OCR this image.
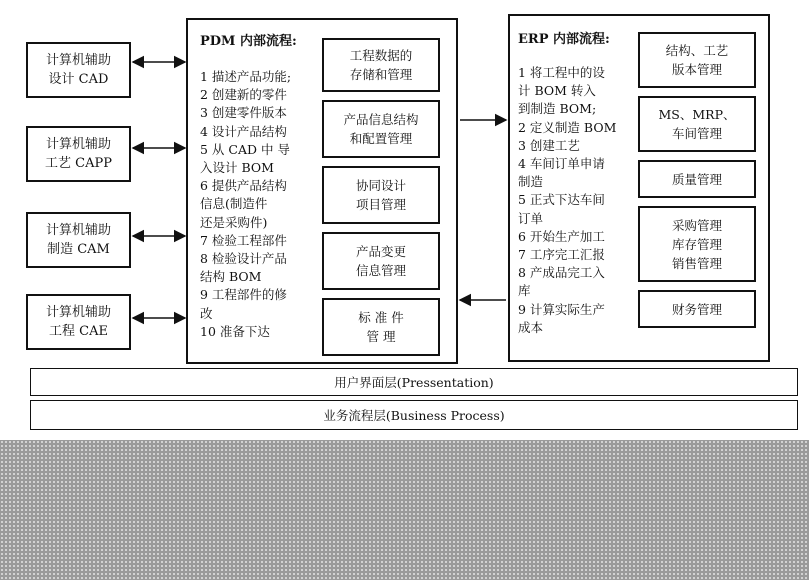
计算机辅助
设计 CAD
计算机辅助
工艺 CAPP
计算机辅助
制造 CAM
计算机辅助
工程 CAE
PDM 内部流程:
1 描述产品功能;
2 创建新的零件
3 创建零件版本
4 设计产品结构
5 从 CAD 中 导
入设计 BOM
6 提供产品结构
信息(制造件
还是采购件)
7 检验工程部件
8 检验设计产品
结构 BOM
9 工程部件的修
改
10 准备下达
工程数据的
存储和管理
产品信息结构
和配置管理
协同设计
项目管理
产品变更
信息管理
标 准 件
管 理
ERP 内部流程:
1 将工程中的设
计 BOM 转入
到制造 BOM;
2 定义制造 BOM
3 创建工艺
4 车间订单申请
制造
5 正式下达车间
订单
6 开始生产加工
7 工序完工汇报
8 产成品完工入
库
9 计算实际生产
成本
结构、工艺
版本管理
MS、MRP、
车间管理
质量管理
采购管理
库存管理
销售管理
财务管理
用户界面层(Pressentation)
业务流程层(Business Process)
